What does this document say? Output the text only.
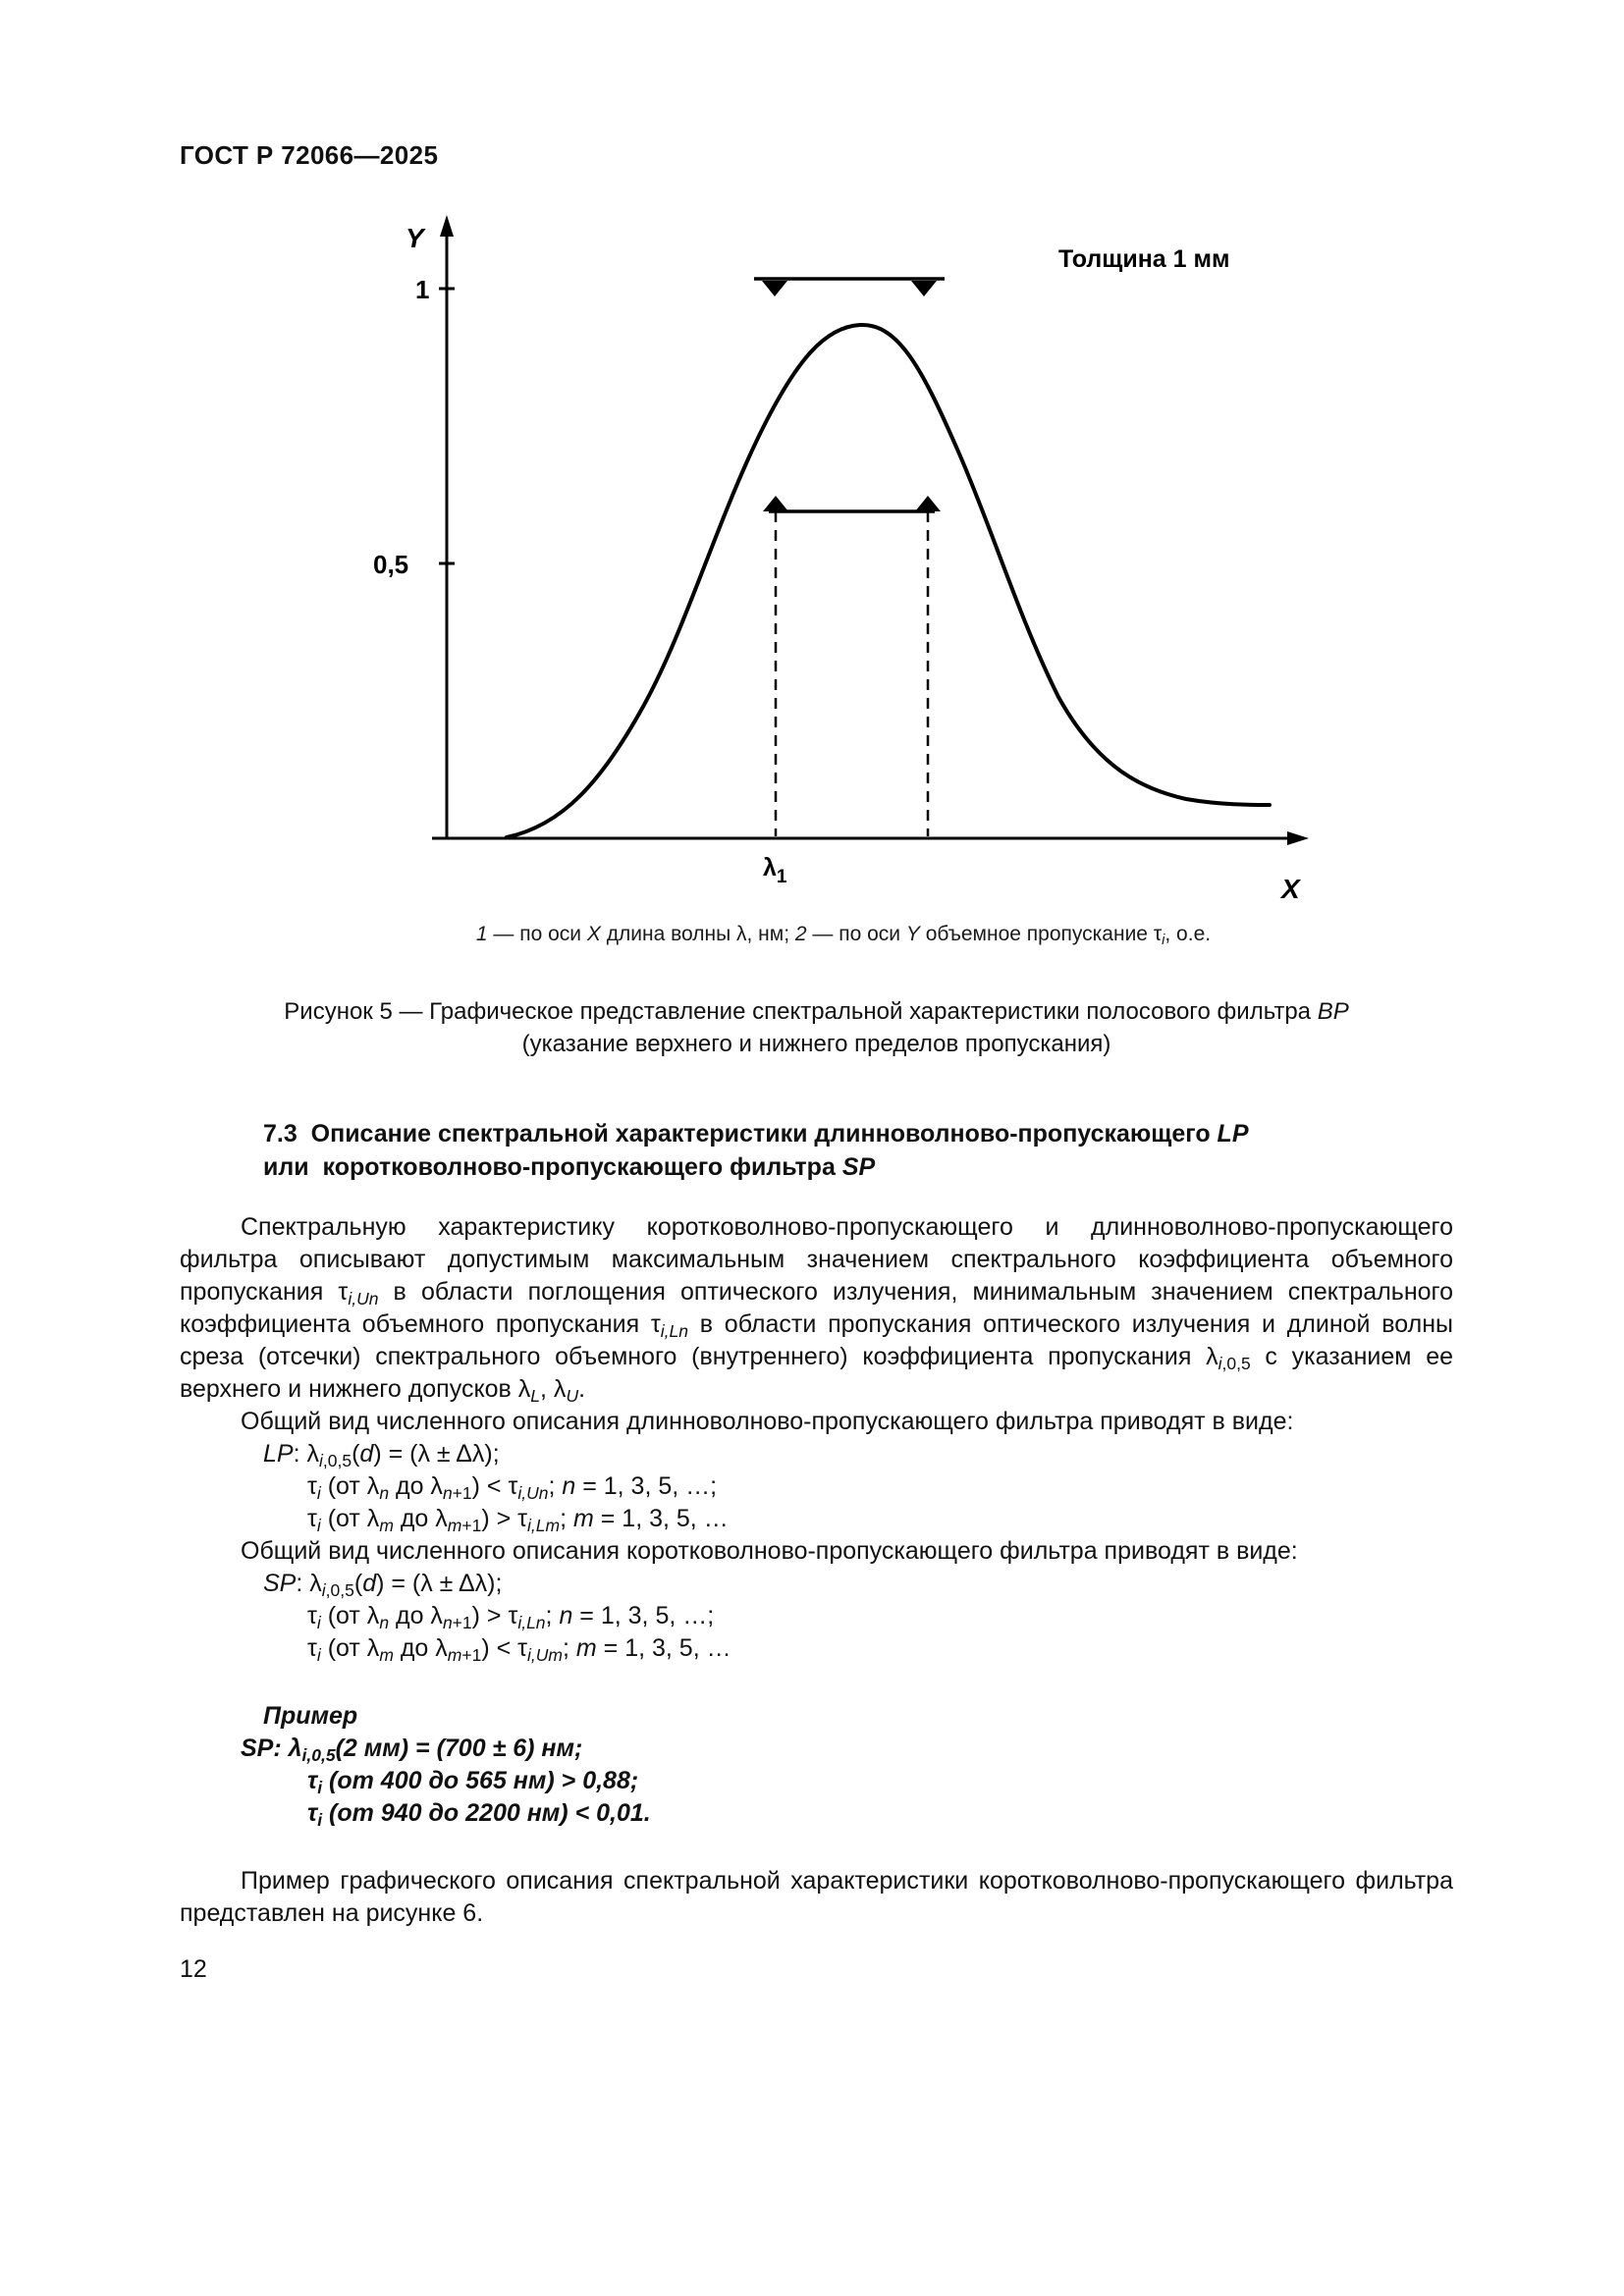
ГОСТ Р 72066—2025
Y
X
1
0,5
Толщина 1 мм
$\lambda_1$
1 — по оси X длина волны λ, нм; 2 — по оси Y объемное пропускание $\tau_i$, о.е.
Рисунок 5 — Графическое представление спектральной характеристики полосового фильтра BP
(указание верхнего и нижнего пределов пропускания)
7.3  Описание спектральной характеристики длинноволново-пропускающего LP
или  коротковолново-пропускающего фильтра SP

Спектральную характеристику коротковолново-пропускающего и длинноволново-пропускающего фильтра описывают допустимым максимальным значением спектрального коэффициента объемного пропускания $\tau_{i,Un}$ в области поглощения оптического излучения, минимальным значением спектрального коэффициента объемного пропускания $\tau_{i,Ln}$ в области пропускания оптического излучения и длиной волны среза (отсечки) спектрального объемного (внутреннего) коэффициента пропускания $\lambda_{i,0,5}$ с указанием ее верхнего и нижнего допусков $\lambda_L$, $\lambda_U$.

Общий вид численного описания длинноволново-пропускающего фильтра приводят в виде:

LP: $\lambda_{i,0,5}(d) = (\lambda \pm \Delta\lambda)$;

$\tau_i$ (от $\lambda_n$ до $\lambda_{n+1}) < \tau_{i,Un}$; n = 1, 3, 5, …;

$\tau_i$ (от $\lambda_m$ до $\lambda_{m+1}) > \tau_{i,Lm}$; m = 1, 3, 5, …

Общий вид численного описания коротковолново-пропускающего фильтра приводят в виде:

SP: $\lambda_{i,0,5}(d) = (\lambda \pm \Delta\lambda)$;

$\tau_i$ (от $\lambda_n$ до $\lambda_{n+1}) > \tau_{i,Ln}$; n = 1, 3, 5, …;

$\tau_i$ (от $\lambda_m$ до $\lambda_{m+1}) < \tau_{i,Um}$; m = 1, 3, 5, …

Пример

SP: $\lambda_{i,0,5}(2$ мм) = (700 ± 6) нм;

$\tau_i$ (от 400 до 565 нм) > 0,88;

$\tau_i$ (от 940 до 2200 нм) < 0,01.

Пример графического описания спектральной характеристики коротковолново-пропускающего фильтра представлен на рисунке 6.

12
